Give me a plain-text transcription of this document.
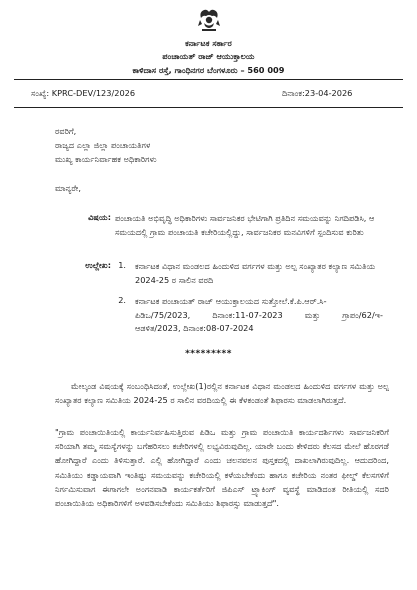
ಕರ್ನಾಟಕ ಸರ್ಕಾರ
ಪಂಚಾಯತ್ ರಾಜ್ ಆಯುಕ್ತಾಲಯ
ಕಾಳಿದಾಸ ರಸ್ತೆ, ಗಾಂಧಿನಗರ ಬೆಂಗಳೂರು – 560 009
ಸಂಖ್ಯೆ: KPRC-DEV/123/2026	ದಿನಾಂಕ:23-04-2026
ರವರಿಗೆ,
ರಾಜ್ಯದ ಎಲ್ಲಾ ಜಿಲ್ಲಾ ಪಂಚಾಯತಿಗಳ
ಮುಖ್ಯ ಕಾರ್ಯನಿರ್ವಾಹಕ ಅಧಿಕಾರಿಗಳು
ಮಾನ್ಯರೇ,
ವಿಷಯ: ಪಂಚಾಯತಿ ಅಭಿವೃದ್ಧಿ ಅಧಿಕಾರಿಗಳು ಸಾರ್ವಜನಿಕರ ಭೇಟಿಗಾಗಿ ಪ್ರತಿದಿನ ಸಮಯವನ್ನು ನಿಗದಿಪಡಿಸಿ, ಆ ಸಮಯದಲ್ಲಿ ಗ್ರಾಮ ಪಂಚಾಯತಿ ಕಚೇರಿಯಲ್ಲಿದ್ದು, ಸಾರ್ವಜನಿಕರ ಮನವಿಗಳಿಗೆ ಸ್ಪಂದಿಸುವ ಕುರಿತು
ಉಲ್ಲೇಖ: 1. ಕರ್ನಾಟಕ ವಿಧಾನ ಮಂಡಲದ ಹಿಂದುಳಿದ ವರ್ಗಗಳ ಮತ್ತು ಅಲ್ಪ ಸಂಖ್ಯಾತರ ಕಲ್ಯಾಣ ಸಮಿತಿಯ 2024-25 ರ ಸಾಲಿನ ವರದಿ
2. ಕರ್ನಾಟಕ ಪಂಚಾಯತ್ ರಾಜ್ ಆಯುಕ್ತಾಲಯದ ಸುತ್ತೋಲೆ.ಕೆ.ಪಿ.ಆರ್.ಸಿ-
ಪಿಡಿಒ/75/2023, ದಿನಾಂಕ:11-07-2023 ಮತ್ತು ಗ್ರಾಪಂ/62/ಇ-
ಆಡಳಿತ/2023, ದಿನಾಂಕ:08-07-2024
*********
ಮೇಲ್ಕಂಡ ವಿಷಯಕ್ಕೆ ಸಂಬಂಧಿಸಿದಂತೆ, ಉಲ್ಲೇಖ(1)ರಲ್ಲಿನ ಕರ್ನಾಟಕ ವಿಧಾನ ಮಂಡಲದ ಹಿಂದುಳಿದ ವರ್ಗಗಳ ಮತ್ತು ಅಲ್ಪ ಸಂಖ್ಯಾತರ ಕಲ್ಯಾಣ ಸಮಿತಿಯ 2024-25 ರ ಸಾಲಿನ ವರದಿಯಲ್ಲಿ ಈ ಕೆಳಕಂಡಂತೆ ಶಿಫಾರಸು ಮಾಡಲಾಗಿರುತ್ತದೆ.
"ಗ್ರಾಮ ಪಂಚಾಯಿತಿಯಲ್ಲಿ ಕಾರ್ಯನಿರ್ವಹಿಸುತ್ತಿರುವ ಪಿಡಿಒ ಮತ್ತು ಗ್ರಾಮ ಪಂಚಾಯಿತಿ ಕಾರ್ಯದರ್ಶಿಗಳು ಸಾರ್ವಜನಿಕರಿಗೆ ಸರಿಯಾಗಿ ತಮ್ಮ ಸಮಸ್ಯೆಗಳನ್ನು ಬಗೆಹರಿಸಲು ಕಚೇರಿಗಳಲ್ಲಿ ಲಭ್ಯವಿರುವುದಿಲ್ಲ. ಯಾರೇ ಬಂದು ಕೇಳಿದರು ಕೆಲಸದ ಮೇಲೆ ಹೊರಗಡೆ ಹೋಗಿದ್ದಾರೆ ಎಂದು ತಿಳಿಸುತ್ತಾರೆ. ಎಲ್ಲಿ ಹೋಗಿದ್ದಾರೆ ಎಂದು ಚಲನವಲನ ಪುಸ್ತಕದಲ್ಲಿ ದಾಖಲಾಗಿರುವುದಿಲ್ಲ. ಆದುದರಿಂದ, ಸಮಿತಿಯು ಕಡ್ಡಾಯವಾಗಿ ಇಂತಿಷ್ಟು ಸಮಯವನ್ನು ಕಚೇರಿಯಲ್ಲಿ ಕಳೆಯಬೇಕೆಂದು ಹಾಗೂ ಕಚೇರಿಯ ನಂತರ ಫೀಲ್ಡ್ ಕೆಲಸಗಳಿಗೆ ನಿರ್ಗಮಿಸುವಾಗ ಈಗಾಗಲೇ ಅಂಗನವಾಡಿ ಕಾರ್ಯಕರ್ತೆರಿಗೆ ಜಿಪಿಎಸ್ ಟ್ರ್ಯಾಕಿಂಗ್ ವ್ಯವಸ್ಥೆ ಮಾಡಿದಂತ ರೀತಿಯಲ್ಲಿ ಸದರಿ ಪಂಚಾಯಿತಿಯ ಅಧಿಕಾರಿಗಳಿಗೆ ಅಳವಡಿಸಬೇಕೆಂದು ಸಮಿತಿಯು ಶಿಫಾರಸ್ಸು ಮಾಡುತ್ತದೆ".
